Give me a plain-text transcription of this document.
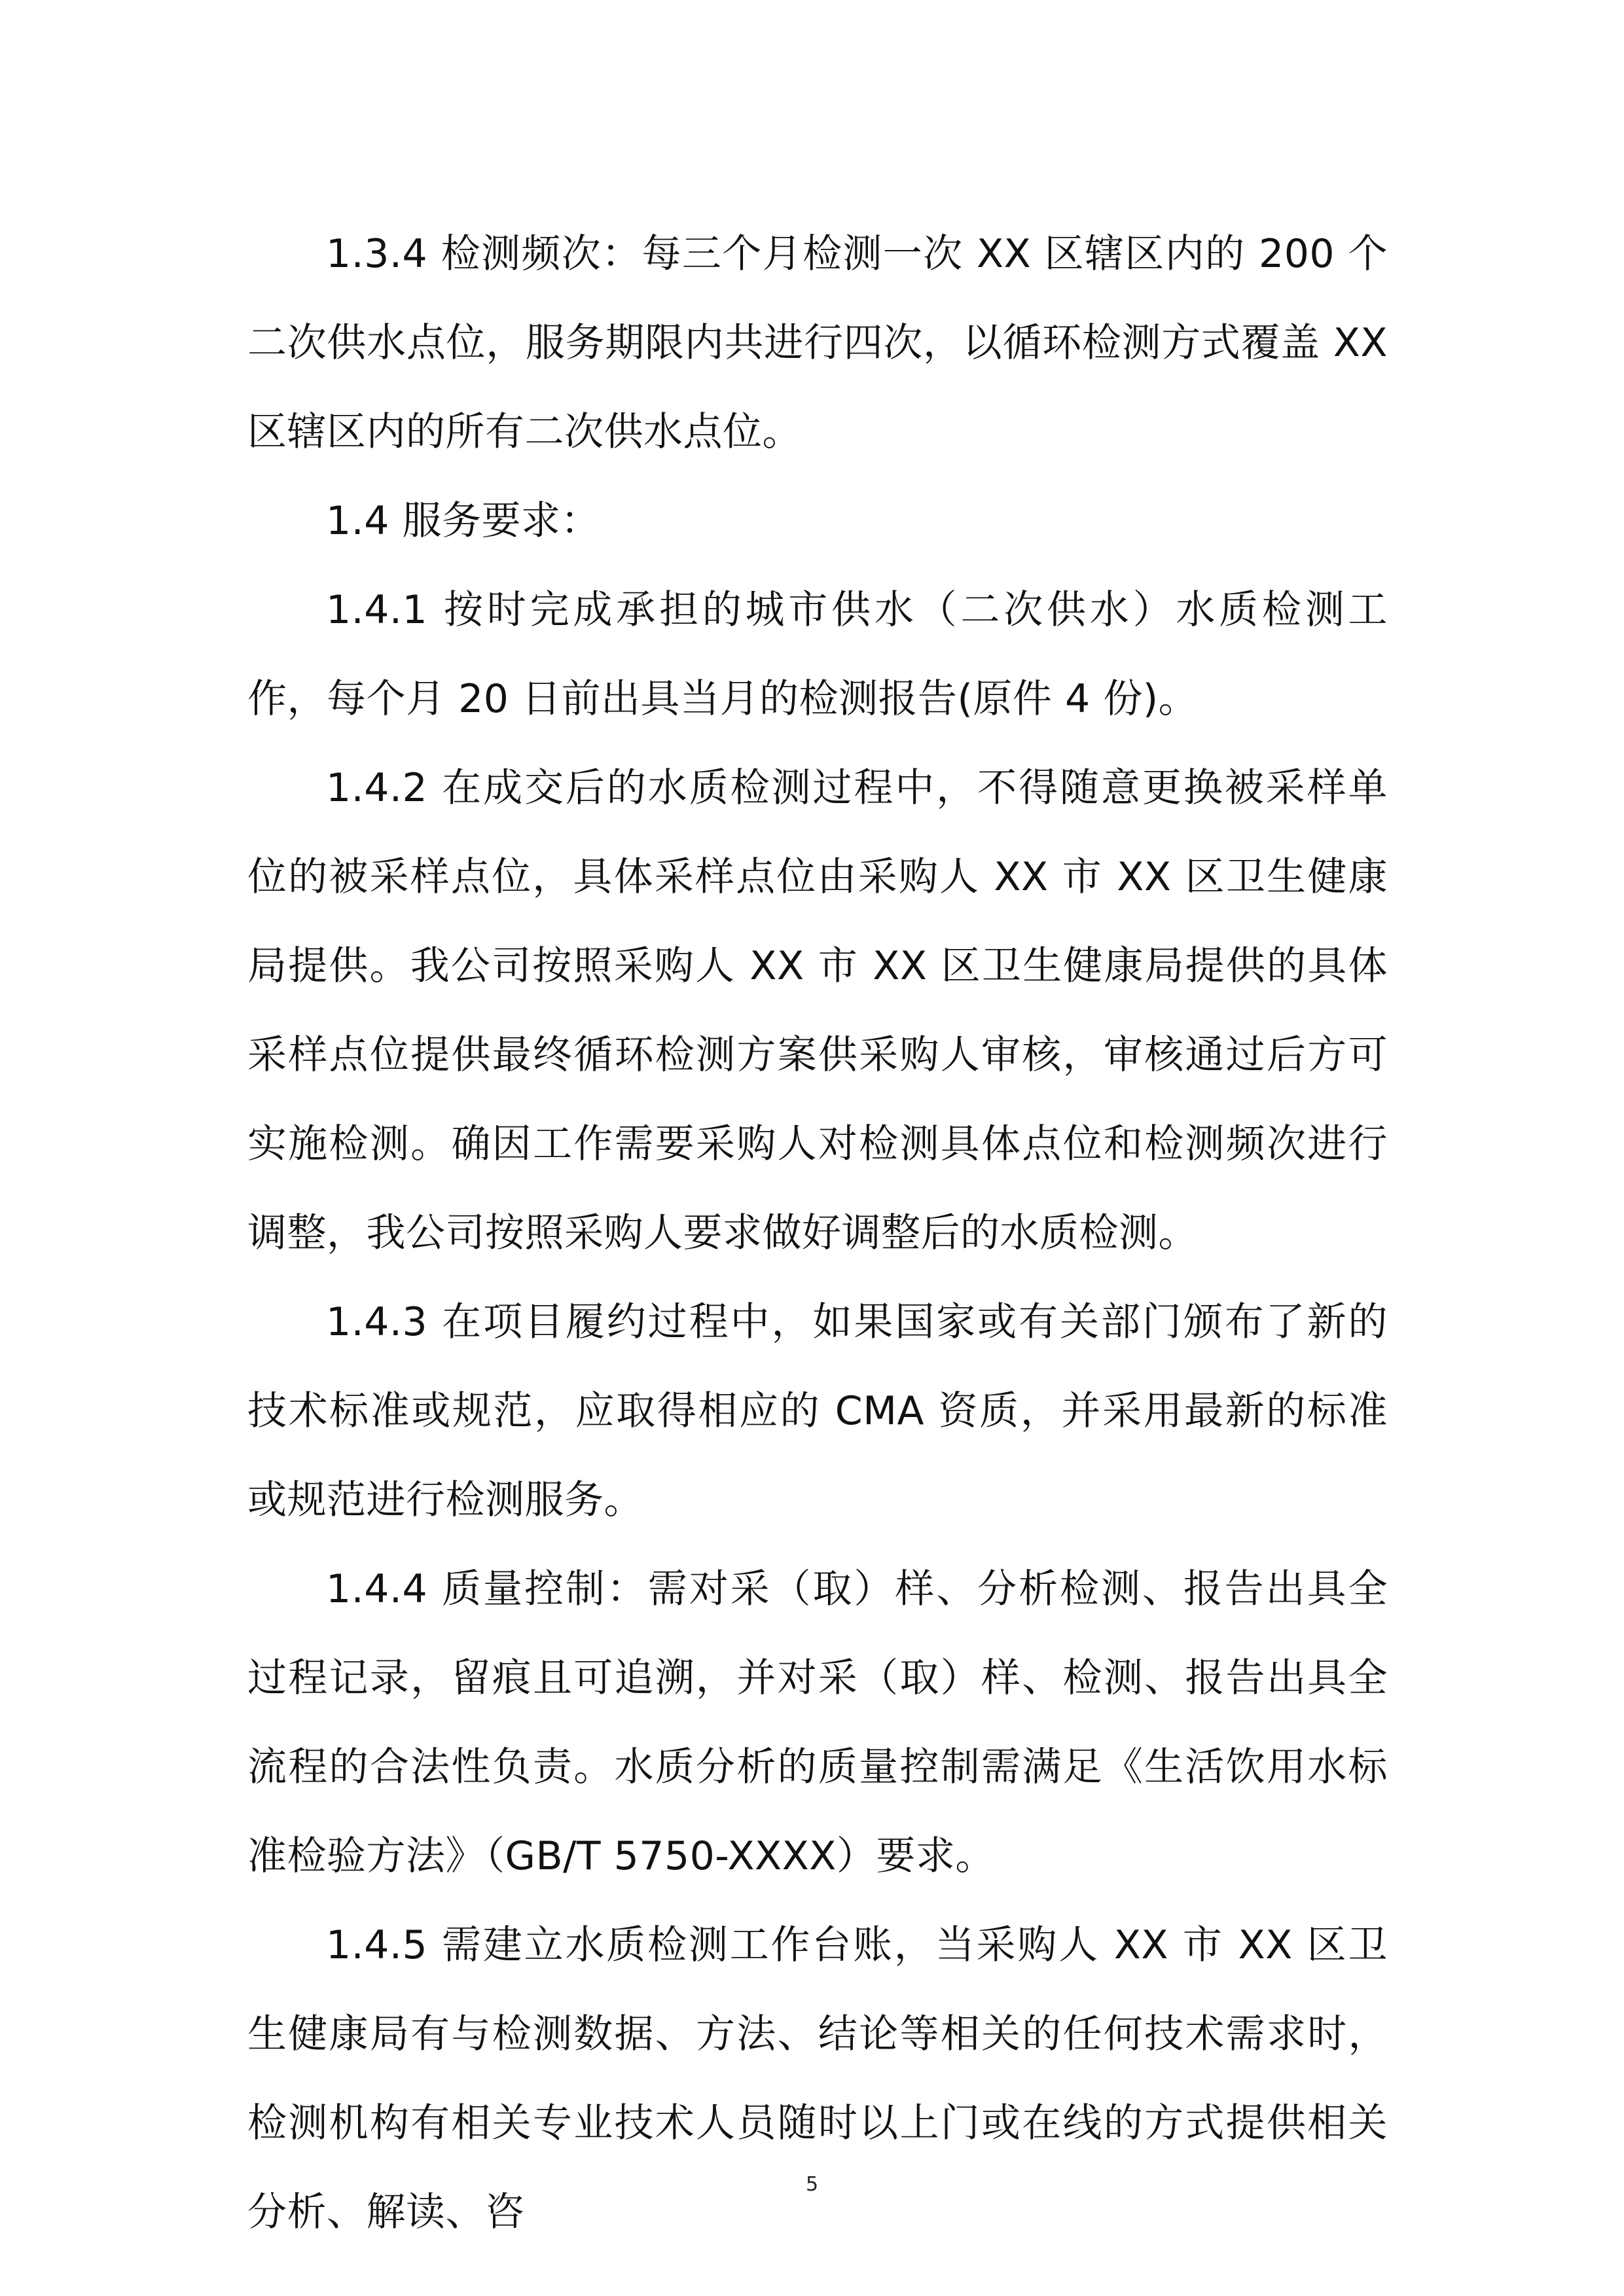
1.3.4 检测频次：每三个月检测一次 XX 区辖区内的 200 个二次供水点位，服务期限内共进行四次，以循环检测方式覆盖 XX 区辖区内的所有二次供水点位。

1.4 服务要求：

1.4.1 按时完成承担的城市供水（二次供水）水质检测工作，每个月 20 日前出具当月的检测报告(原件 4 份)。

1.4.2 在成交后的水质检测过程中，不得随意更换被采样单位的被采样点位，具体采样点位由采购人 XX 市 XX 区卫生健康局提供。我公司按照采购人 XX 市 XX 区卫生健康局提供的具体采样点位提供最终循环检测方案供采购人审核，审核通过后方可实施检测。确因工作需要采购人对检测具体点位和检测频次进行调整，我公司按照采购人要求做好调整后的水质检测。

1.4.3 在项目履约过程中，如果国家或有关部门颁布了新的技术标准或规范，应取得相应的 CMA 资质，并采用最新的标准或规范进行检测服务。

1.4.4 质量控制：需对采（取）样、分析检测、报告出具全过程记录，留痕且可追溯，并对采（取）样、检测、报告出具全流程的合法性负责。水质分析的质量控制需满足《生活饮用水标准检验方法》（GB/T 5750-XXXX）要求。

1.4.5 需建立水质检测工作台账，当采购人 XX 市 XX 区卫生健康局有与检测数据、方法、结论等相关的任何技术需求时，检测机构有相关专业技术人员随时以上门或在线的方式提供相关分析、解读、咨

5
